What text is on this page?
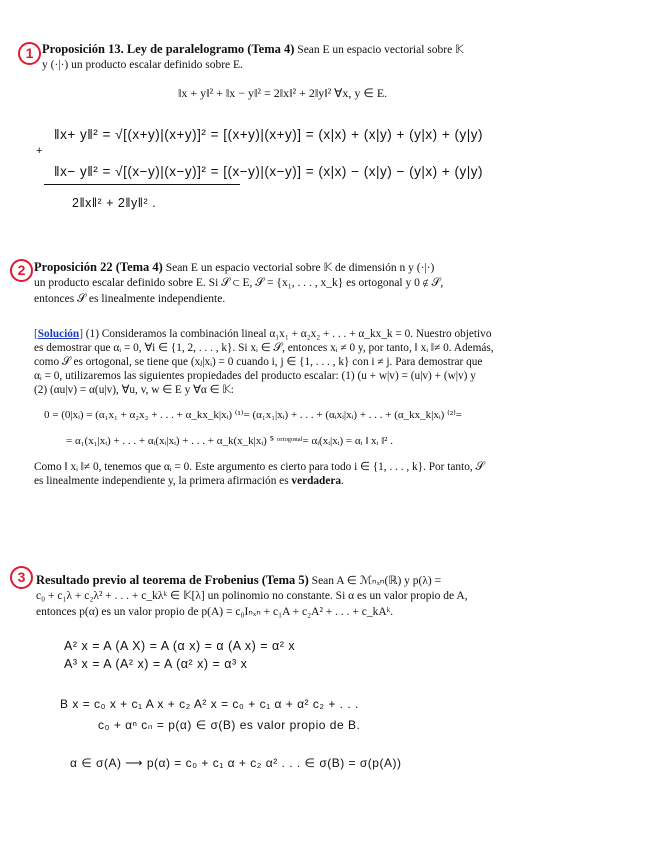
1 Proposición 13. Ley de paralelogramo (Tema 4) Sean E un espacio vectorial sobre 𝕂
y (·|·) un producto escalar definido sobre E.
‖x + y‖² + ‖x − y‖² = 2‖x‖² + 2‖y‖² ∀x, y ∈ E.
‖x+ y‖² = √[(x+y)|(x+y)]² = [(x+y)|(x+y)] = (x|x) + (x|y) + (y|x) + (y|y)
+
‖x− y‖² = √[(x−y)|(x−y)]² = [(x−y)|(x−y)] = (x|x) − (x|y) − (y|x) + (y|y)
2‖x‖² + 2‖y‖² .
2 Proposición 22 (Tema 4) Sean E un espacio vectorial sobre 𝕂 de dimensión n y (·|·)
un producto escalar definido sobre E. Si 𝒮 ⊂ E, 𝒮 = {x₁, . . . , x_k} es ortogonal y 0 ∉ 𝒮,
entonces 𝒮 es linealmente independiente.
[Solución] (1) Consideramos la combinación lineal α₁x₁ + α₂x₂ + . . . + α_kx_k = 0. Nuestro objetivo
es demostrar que αᵢ = 0, ∀i ∈ {1, 2, . . . , k}. Si xᵢ ∈ 𝒮, entonces xᵢ ≠ 0 y, por tanto, ‖ xᵢ ‖≠ 0. Además,
como 𝒮 es ortogonal, se tiene que (xⱼ|xᵢ) = 0 cuando i, j ∈ {1, . . . , k} con i ≠ j. Para demostrar que
αᵢ = 0, utilizaremos las siguientes propiedades del producto escalar: (1) (u + w|v) = (u|v) + (w|v) y
(2) (αu|v) = α(u|v), ∀u, v, w ∈ E y ∀α ∈ 𝕂:
0 = (0|xᵢ) = (α₁x₁ + α₂x₂ + . . . + α_kx_k|xᵢ) ⁽¹⁾= (α₁x₁|xᵢ) + . . . + (αᵢxᵢ|xᵢ) + . . . + (α_kx_k|xᵢ) ⁽²⁾=
= α₁(x₁|xᵢ) + . . . + αᵢ(xᵢ|xᵢ) + . . . + α_k(x_k|xᵢ) ᔆ ᵒʳᵗᵒᵍᵒⁿᵃˡ= αᵢ(xᵢ|xᵢ) = αᵢ ‖ xᵢ ‖² .
Como ‖ xᵢ ‖≠ 0, tenemos que αᵢ = 0. Este argumento es cierto para todo i ∈ {1, . . . , k}. Por tanto, 𝒮
es linealmente independiente y, la primera afirmación es verdadera.
3 Resultado previo al teorema de Frobenius (Tema 5) Sean A ∈ ℳₙₓₙ(ℝ) y p(λ) =
c₀ + c₁λ + c₂λ² + . . . + c_kλᵏ ∈ 𝕂[λ] un polinomio no constante. Si α es un valor propio de A,
entonces p(α) es un valor propio de p(A) = c₀Iₙₓₙ + c₁A + c₂A² + . . . + c_kAᵏ.
A² x = A (A X) = A (α x) = α (A x) = α² x
A³ x = A (A² x) = A (α² x) = α³ x
B x = c₀ x + c₁ A x + c₂ A² x = c₀ + c₁ α + α² c₂ + . . .
c₀ + αⁿ cₙ = p(α) ∈ σ(B) es valor propio de B.
α ∈ σ(A) ⟶ p(α) = c₀ + c₁ α + c₂ α² . . . ∈ σ(B) = σ(p(A))
